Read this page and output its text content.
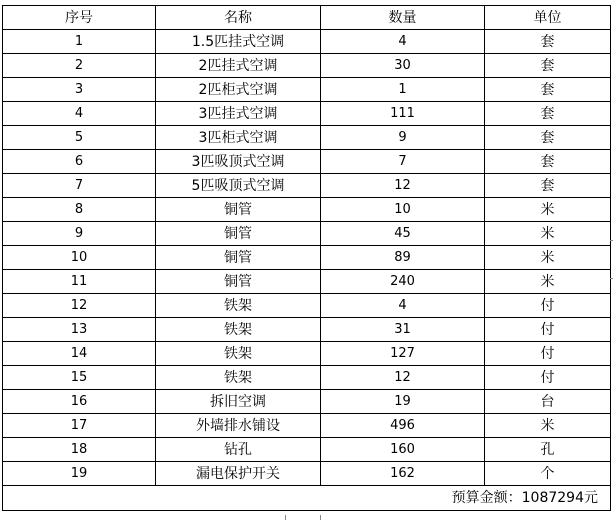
序号	名称	数量	单位
1	1.5匹挂式空调	4	套
2	2匹挂式空调	30	套
3	2匹柜式空调	1	套
4	3匹挂式空调	111	套
5	3匹柜式空调	9	套
6	3匹吸顶式空调	7	套
7	5匹吸顶式空调	12	套
8	铜管	10	米
9	铜管	45	米
10	铜管	89	米
11	铜管	240	米
12	铁架	4	付
13	铁架	31	付
14	铁架	127	付
15	铁架	12	付
16	拆旧空调	19	台
17	外墙排水铺设	496	米
18	钻孔	160	孔
19	漏电保护开关	162	个
预算金额：1087294元			
